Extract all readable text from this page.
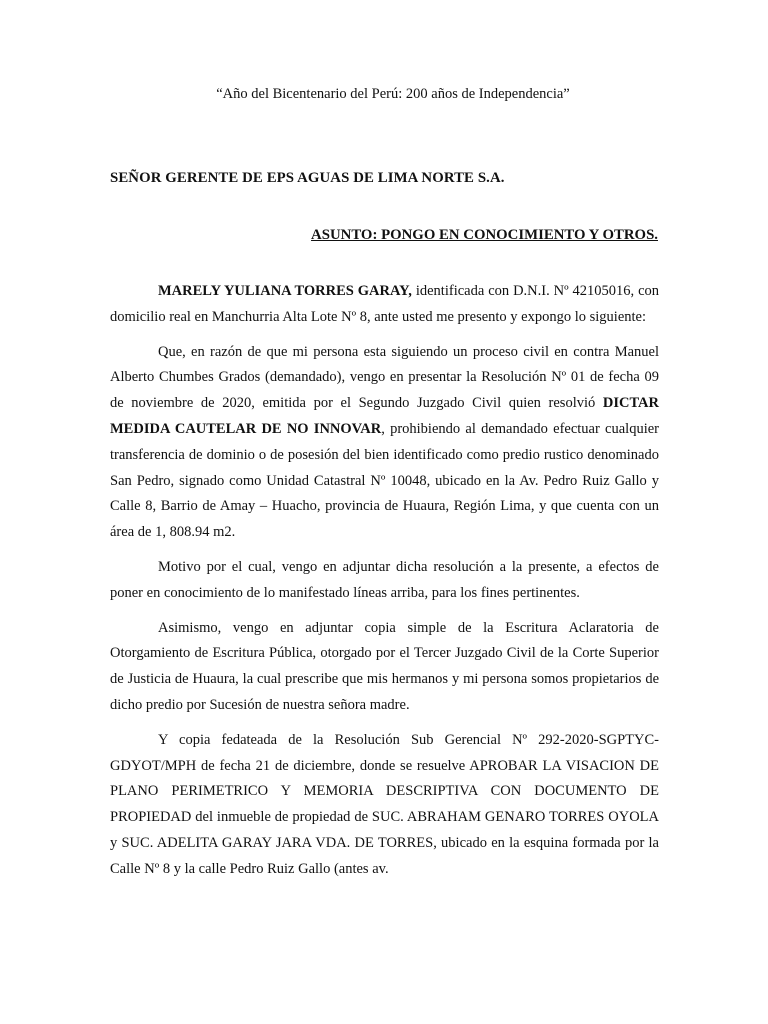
“Año del Bicentenario del Perú: 200 años de Independencia”
SEÑOR GERENTE DE EPS AGUAS DE LIMA NORTE S.A.
ASUNTO: PONGO EN CONOCIMIENTO Y OTROS.

MARELY YULIANA TORRES GARAY, identificada con D.N.I. Nº 42105016, con domicilio real en Manchurria Alta Lote Nº 8, ante usted me presento y expongo lo siguiente:

Que, en razón de que mi persona esta siguiendo un proceso civil en contra Manuel Alberto Chumbes Grados (demandado), vengo en presentar la Resolución Nº 01 de fecha 09 de noviembre de 2020, emitida por el Segundo Juzgado Civil quien resolvió DICTAR MEDIDA CAUTELAR DE NO INNOVAR, prohibiendo al demandado efectuar cualquier transferencia de dominio o de posesión del bien identificado como predio rustico denominado San Pedro, signado como Unidad Catastral Nº 10048, ubicado en la Av. Pedro Ruiz Gallo y Calle 8, Barrio de Amay – Huacho, provincia de Huaura, Región Lima, y que cuenta con un área de 1, 808.94 m2.

Motivo por el cual, vengo en adjuntar dicha resolución a la presente, a efectos de poner en conocimiento de lo manifestado líneas arriba, para los fines pertinentes.

Asimismo, vengo en adjuntar copia simple de la Escritura Aclaratoria de Otorgamiento de Escritura Pública, otorgado por el Tercer Juzgado Civil de la Corte Superior de Justicia de Huaura, la cual prescribe que mis hermanos y mi persona somos propietarios de dicho predio por Sucesión de nuestra señora madre.

Y copia fedateada de la Resolución Sub Gerencial Nº 292-2020-SGPTYC-GDYOT/MPH de fecha 21 de diciembre, donde se resuelve APROBAR LA VISACION DE PLANO PERIMETRICO Y MEMORIA DESCRIPTIVA CON DOCUMENTO DE PROPIEDAD del inmueble de propiedad de SUC. ABRAHAM GENARO TORRES OYOLA y SUC. ADELITA GARAY JARA VDA. DE TORRES, ubicado en la esquina formada por la Calle Nº 8 y la calle Pedro Ruiz Gallo (antes av.
